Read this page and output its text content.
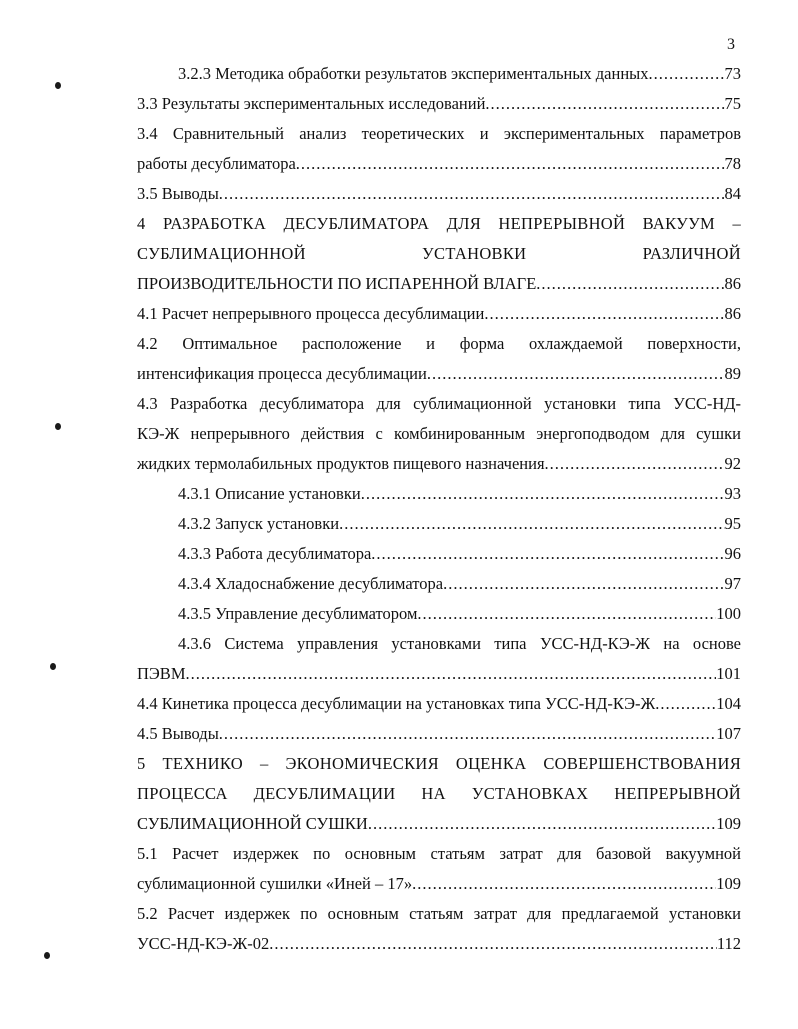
3
3.2.3 Методика обработки результатов экспериментальных данных .....	73
3.3 Результаты экспериментальных исследований .....	75
3.4 Сравнительный анализ теоретических и экспериментальных параметров
работы десублиматора .....	78
3.5 Выводы .....	84
4 РАЗРАБОТКА ДЕСУБЛИМАТОРА ДЛЯ НЕПРЕРЫВНОЙ ВАКУУМ –
СУБЛИМАЦИОННОЙ УСТАНОВКИ РАЗЛИЧНОЙ
ПРОИЗВОДИТЕЛЬНОСТИ ПО ИСПАРЕННОЙ ВЛАГЕ .....	86
4.1 Расчет непрерывного процесса десублимации .....	86
4.2 Оптимальное расположение и форма охлаждаемой поверхности,
интенсификация процесса десублимации .....	89
4.3 Разработка десублиматора для сублимационной установки типа УСС-НД-
КЭ-Ж непрерывного действия с комбинированным энергоподводом для сушки
жидких термолабильных продуктов пищевого назначения .....	92
4.3.1 Описание установки .....	93
4.3.2 Запуск установки .....	95
4.3.3 Работа десублиматора .....	96
4.3.4 Хладоснабжение десублиматора .....	97
4.3.5 Управление десублиматором .....	100
4.3.6 Система управления установками типа УСС-НД-КЭ-Ж на основе
ПЭВМ .....	101
4.4 Кинетика процесса десублимации на установках типа УСС-НД-КЭ-Ж .....	104
4.5 Выводы .....	107
5 ТЕХНИКО – ЭКОНОМИЧЕСКИЯ ОЦЕНКА СОВЕРШЕНСТВОВАНИЯ
ПРОЦЕССА ДЕСУБЛИМАЦИИ НА УСТАНОВКАХ НЕПРЕРЫВНОЙ
СУБЛИМАЦИОННОЙ СУШКИ .....	109
5.1 Расчет издержек по основным статьям затрат для базовой вакуумной
сублимационной сушилки «Иней – 17» .....	109
5.2 Расчет издержек по основным статьям затрат для предлагаемой установки
УСС-НД-КЭ-Ж-02 .....	112
